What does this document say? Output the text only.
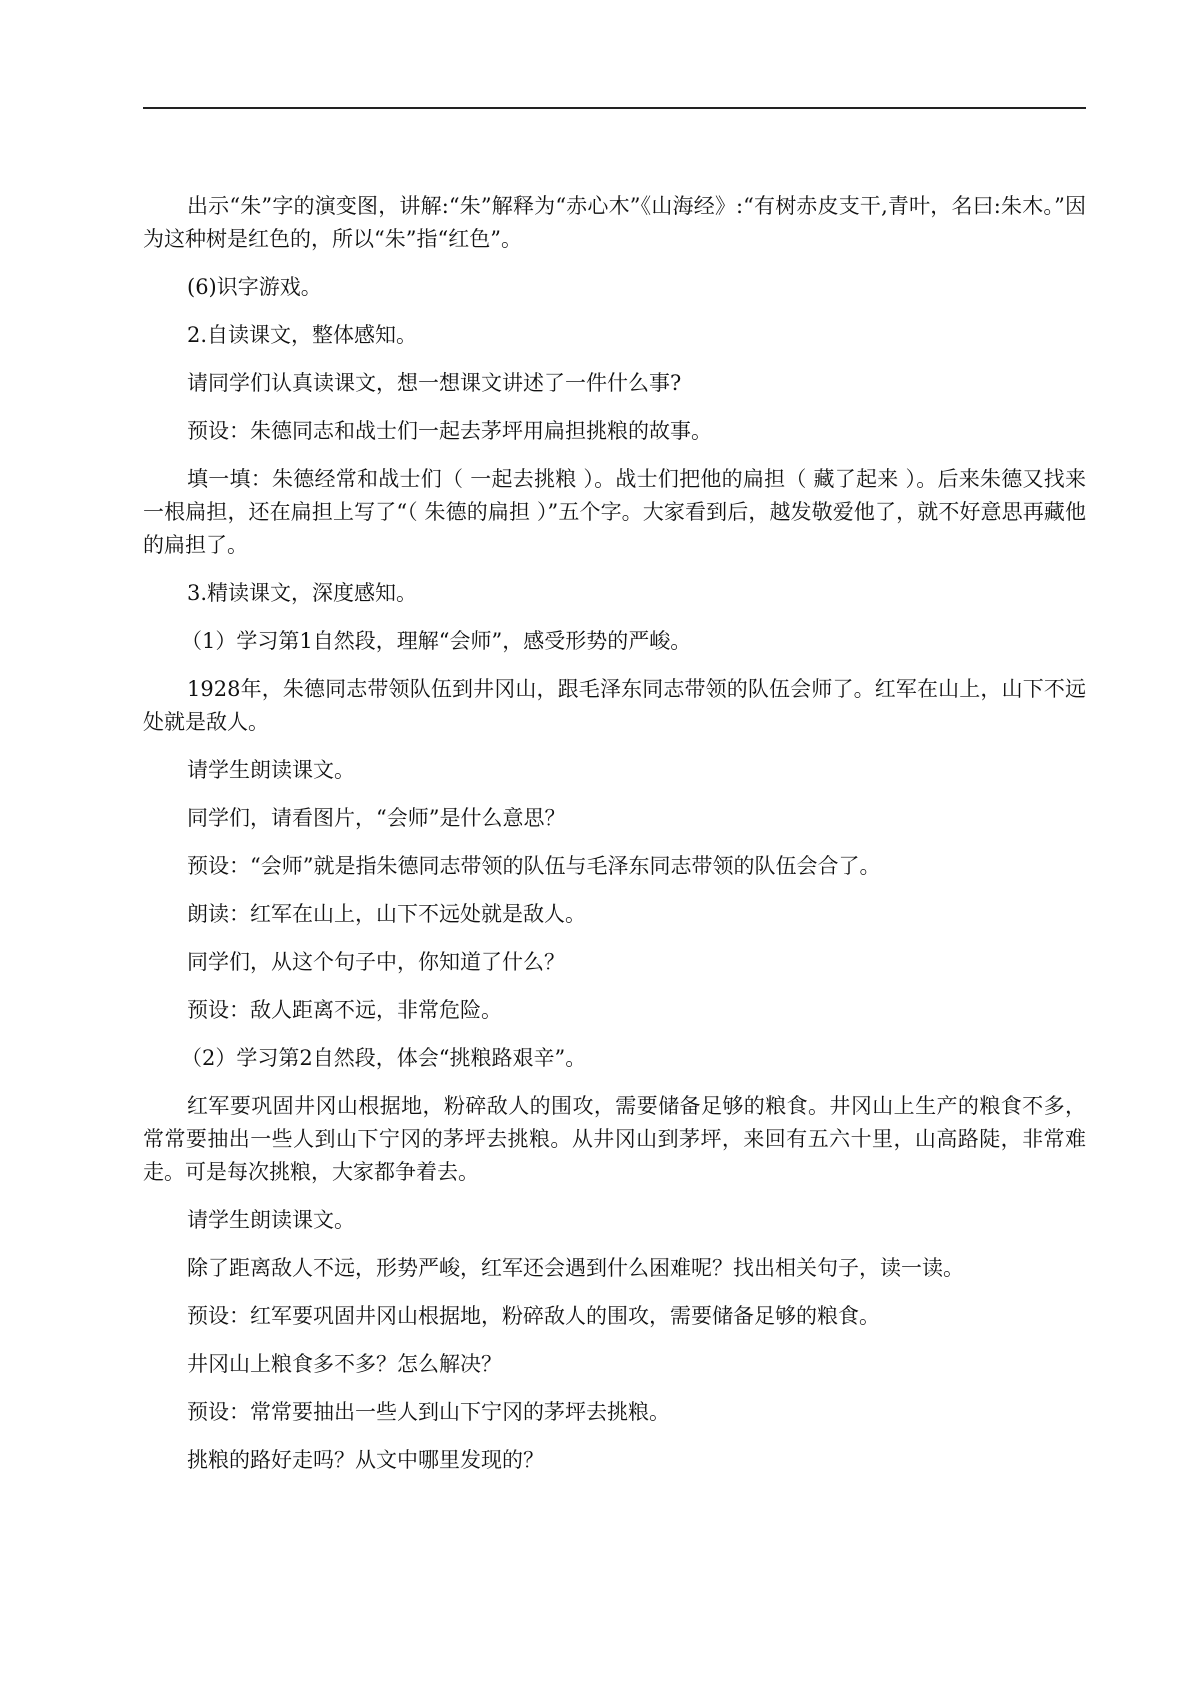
出示“朱”字的演变图，讲解:“朱”解释为“赤心木”《山海经》:“有树赤皮支干,青叶，名曰:朱木。”因为这种树是红色的，所以“朱”指“红色”。

(6)识字游戏。

2.自读课文，整体感知。

请同学们认真读课文，想一想课文讲述了一件什么事?

预设：朱德同志和战士们一起去茅坪用扁担挑粮的故事。

填一填：朱德经常和战士们（ 一起去挑粮 ）。战士们把他的扁担（ 藏了起来 ）。后来朱德又找来一根扁担，还在扁担上写了“（ 朱德的扁担 ）”五个字。大家看到后，越发敬爱他了，就不好意思再藏他的扁担了。

3.精读课文，深度感知。

（1）学习第1自然段，理解“会师”，感受形势的严峻。

1928年，朱德同志带领队伍到井冈山，跟毛泽东同志带领的队伍会师了。红军在山上，山下不远处就是敌人。

请学生朗读课文。

同学们，请看图片，“会师”是什么意思？

预设：“会师”就是指朱德同志带领的队伍与毛泽东同志带领的队伍会合了。

朗读：红军在山上，山下不远处就是敌人。

同学们，从这个句子中，你知道了什么？

预设：敌人距离不远，非常危险。

（2）学习第2自然段，体会“挑粮路艰辛”。

红军要巩固井冈山根据地，粉碎敌人的围攻，需要储备足够的粮食。井冈山上生产的粮食不多，常常要抽出一些人到山下宁冈的茅坪去挑粮。从井冈山到茅坪，来回有五六十里，山高路陡，非常难走。可是每次挑粮，大家都争着去。

请学生朗读课文。

除了距离敌人不远，形势严峻，红军还会遇到什么困难呢？找出相关句子，读一读。

预设：红军要巩固井冈山根据地，粉碎敌人的围攻，需要储备足够的粮食。

井冈山上粮食多不多？怎么解决？

预设：常常要抽出一些人到山下宁冈的茅坪去挑粮。

挑粮的路好走吗？从文中哪里发现的？
